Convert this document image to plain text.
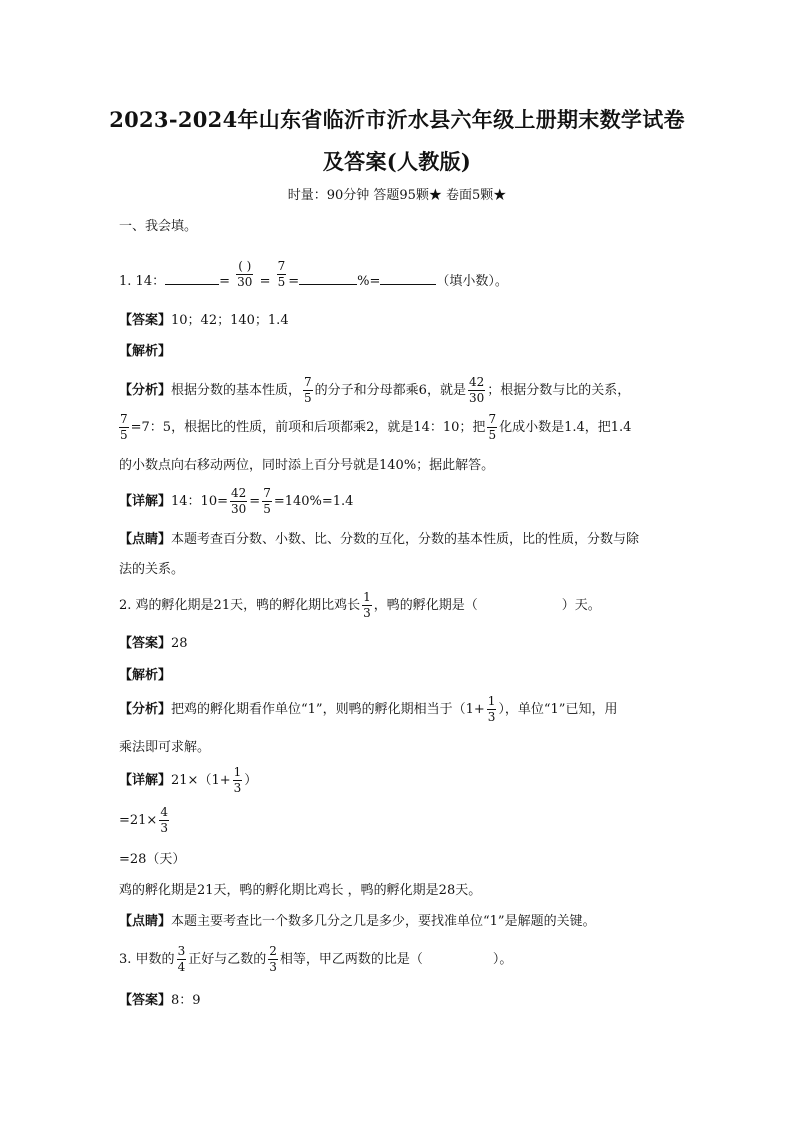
2023-2024年山东省临沂市沂水县六年级上册期末数学试卷
及答案(人教版)
时量：90分钟 答题95颗★ 卷面5颗★
一、我会填。
1. 14：	= $\frac{( )}{30} = \frac{7}{5}$ =	%=	（填小数）。
【答案】10；42；140；1.4
【解析】
【分析】根据分数的基本性质， $\frac{7}{5}$ 的分子和分母都乘6，就是 $\frac{42}{30}$ ；根据分数与比的关系，
$\frac{7}{5} =7$：5，根据比的性质，前项和后项都乘2，就是14：10；把 $\frac{7}{5}$ 化成小数是1.4，把1.4
的小数点向右移动两位，同时添上百分号就是140%；据此解答。
【详解】14：$10= \frac{42}{30} = \frac{7}{5} =140\%=1.4$
【点睛】本题考查百分数、小数、比、分数的互化，分数的基本性质，比的性质，分数与除
法的关系。
2. 鸡的孵化期是21天，鸭的孵化期比鸡长 $\frac{1}{3}$ ，鸭的孵化期是（	）天。
【答案】28
【解析】
【分析】把鸡的孵化期看作单位“1”，则鸭的孵化期相当于（$1+ \frac{1}{3}$ ），单位“1”已知，用
乘法即可求解。
【详解】$21\times(1+ \frac{1}{3}$ ）
$=21\times \frac{4}{3}$
=28（天）
鸡的孵化期是21天，鸭的孵化期比鸡长 ，鸭的孵化期是28天。
【点睛】本题主要考查比一个数多几分之几是多少，要找准单位“1”是解题的关键。
3. 甲数的 $\frac{3}{4}$ 正好与乙数的 $\frac{2}{3}$ 相等，甲乙两数的比是（	）。
【答案】8：9
